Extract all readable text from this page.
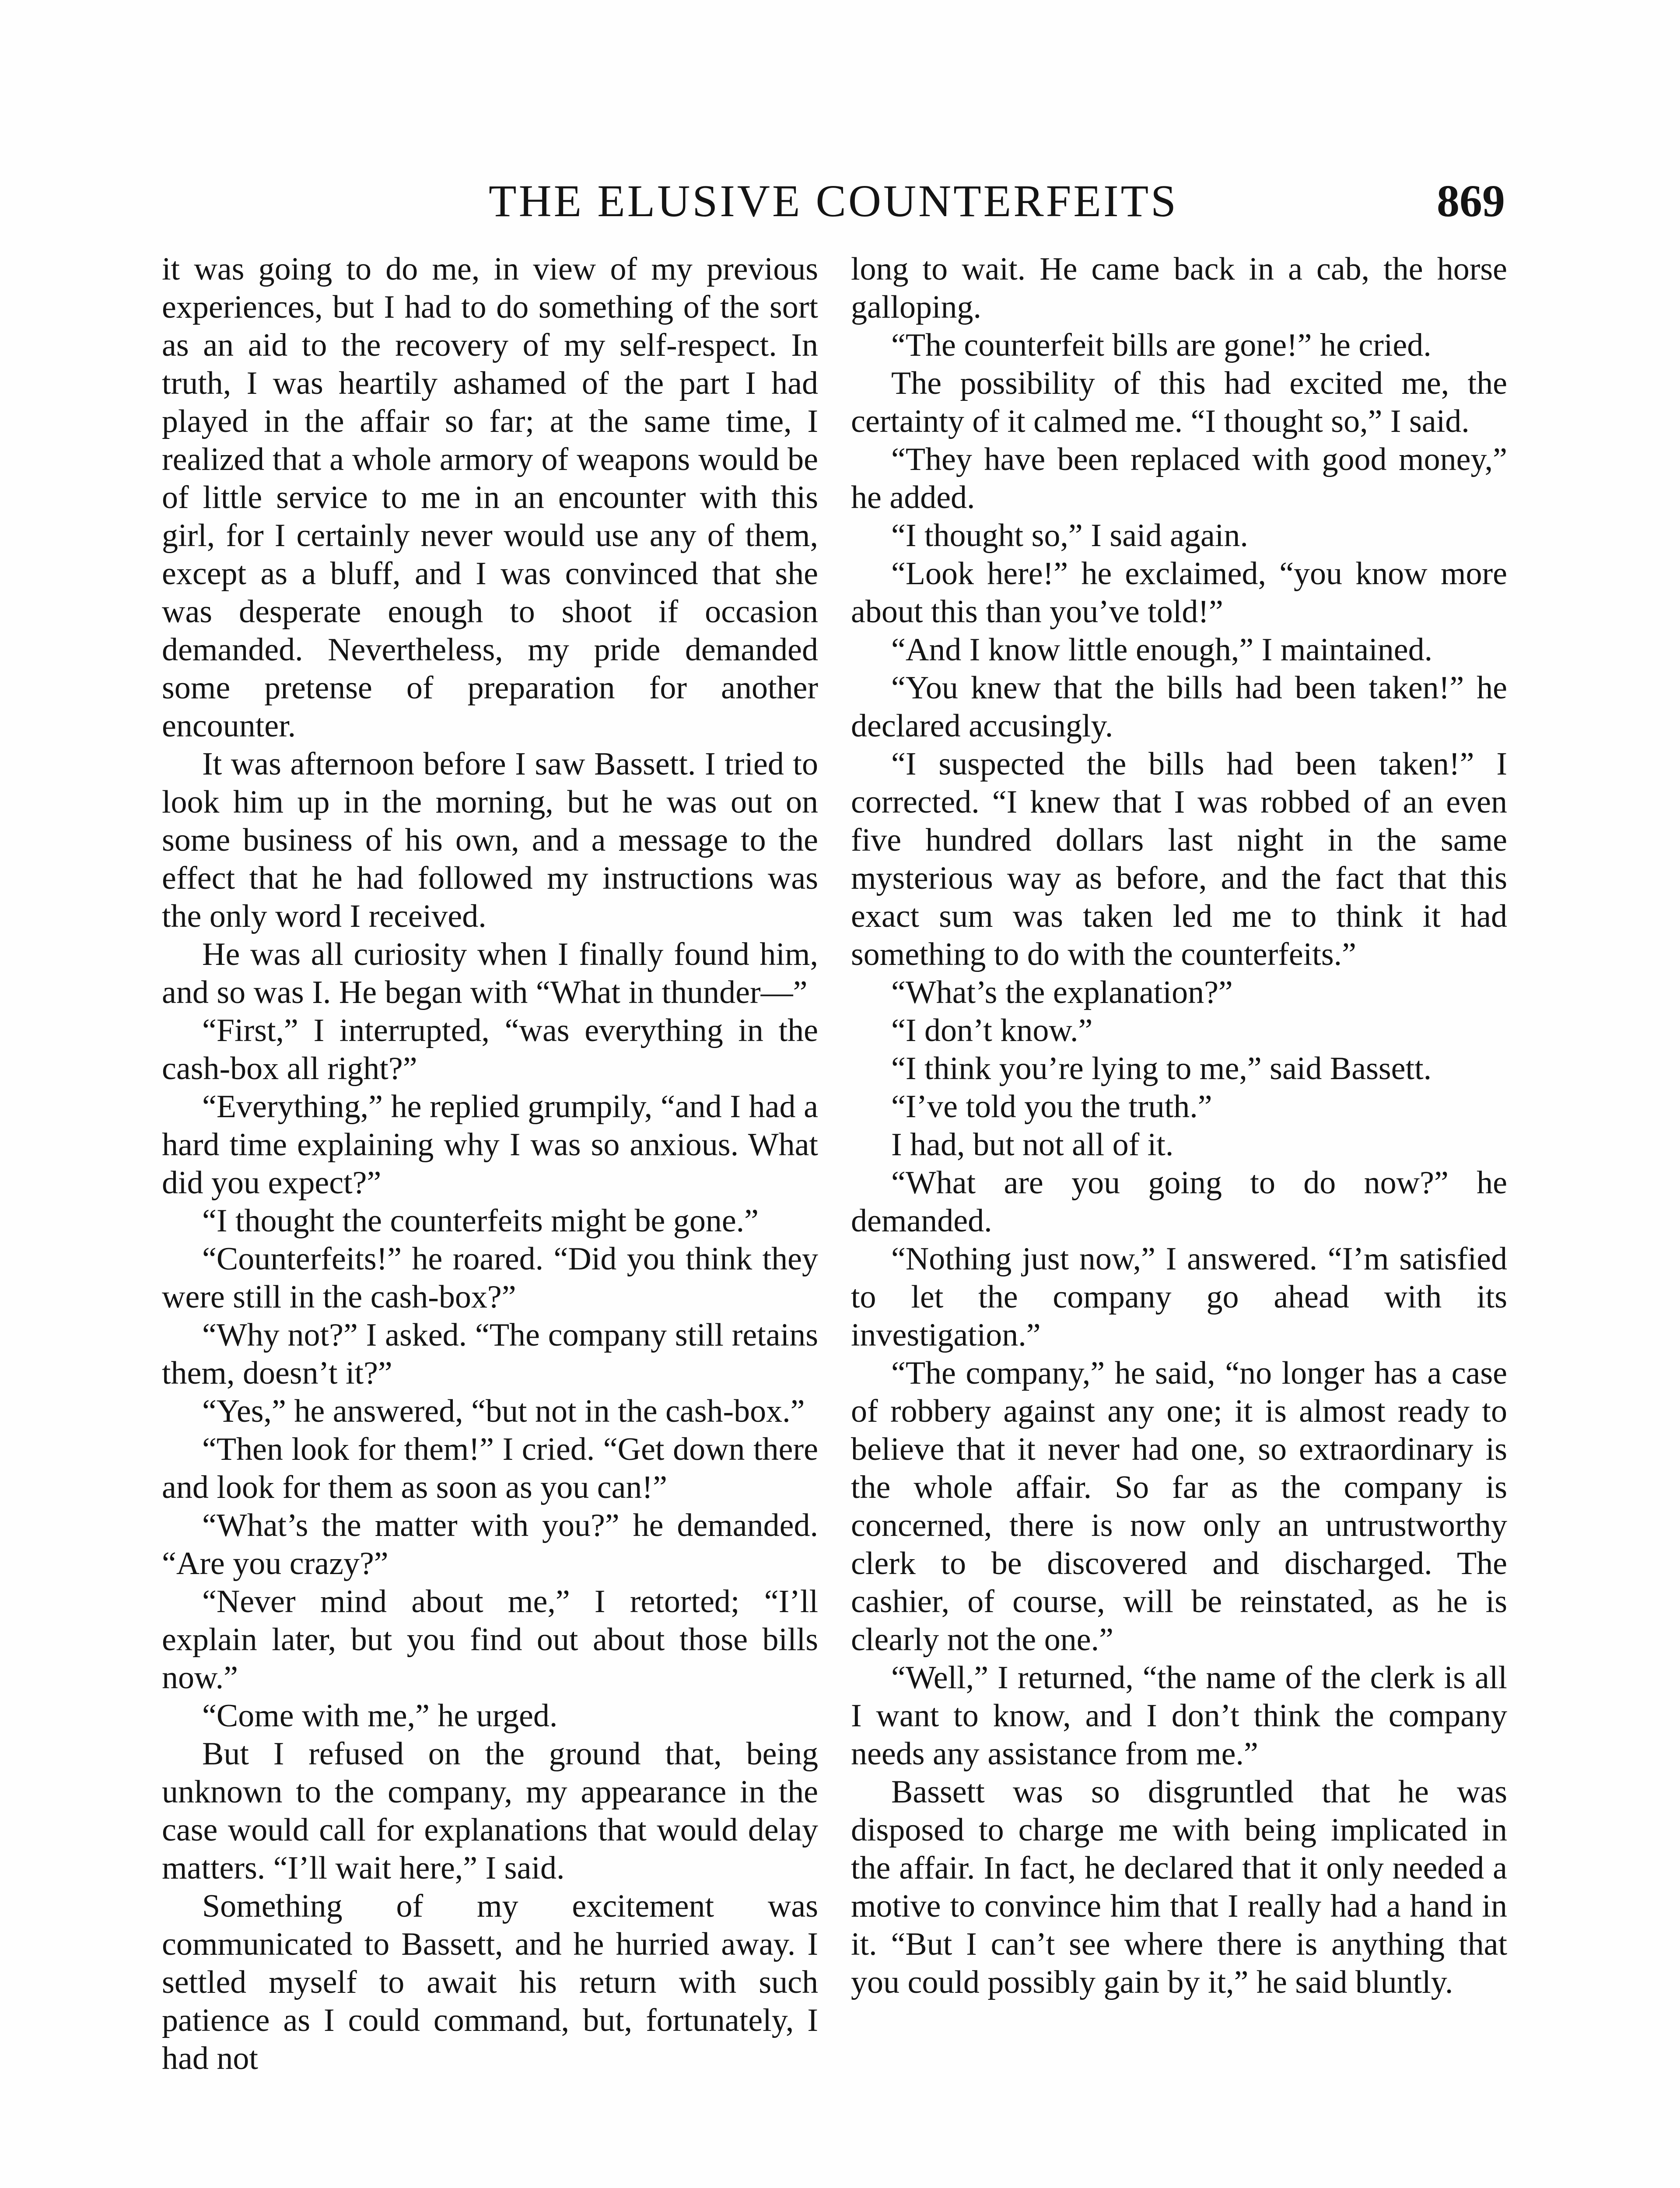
THE ELUSIVE COUNTERFEITS	869

it was going to do me, in view of my previous experiences, but I had to do something of the sort as an aid to the recovery of my self-respect. In truth, I was heartily ashamed of the part I had played in the affair so far; at the same time, I realized that a whole armory of weapons would be of little service to me in an encounter with this girl, for I certainly never would use any of them, except as a bluff, and I was convinced that she was desperate enough to shoot if occasion demanded. Nevertheless, my pride demanded some pretense of preparation for another encounter.

It was afternoon before I saw Bassett. I tried to look him up in the morning, but he was out on some business of his own, and a message to the effect that he had followed my instructions was the only word I received.

He was all curiosity when I finally found him, and so was I. He began with “What in thunder—”

“First,” I interrupted, “was everything in the cash-box all right?”

“Everything,” he replied grumpily, “and I had a hard time explaining why I was so anxious. What did you expect?”

“I thought the counterfeits might be gone.”

“Counterfeits!” he roared. “Did you think they were still in the cash-box?”

“Why not?” I asked. “The company still retains them, doesn’t it?”

“Yes,” he answered, “but not in the cash-box.”

“Then look for them!” I cried. “Get down there and look for them as soon as you can!”

“What’s the matter with you?” he demanded. “Are you crazy?”

“Never mind about me,” I retorted; “I’ll explain later, but you find out about those bills now.”

“Come with me,” he urged.

But I refused on the ground that, being unknown to the company, my appearance in the case would call for explanations that would delay matters. “I’ll wait here,” I said.

Something of my excitement was communicated to Bassett, and he hurried away. I settled myself to await his return with such patience as I could command, but, fortunately, I had not

long to wait. He came back in a cab, the horse galloping.

“The counterfeit bills are gone!” he cried.

The possibility of this had excited me, the certainty of it calmed me. “I thought so,” I said.

“They have been replaced with good money,” he added.

“I thought so,” I said again.

“Look here!” he exclaimed, “you know more about this than you’ve told!”

“And I know little enough,” I maintained.

“You knew that the bills had been taken!” he declared accusingly.

“I suspected the bills had been taken!” I corrected. “I knew that I was robbed of an even five hundred dollars last night in the same mysterious way as before, and the fact that this exact sum was taken led me to think it had something to do with the counterfeits.”

“What’s the explanation?”

“I don’t know.”

“I think you’re lying to me,” said Bassett.

“I’ve told you the truth.”

I had, but not all of it.

“What are you going to do now?” he demanded.

“Nothing just now,” I answered. “I’m satisfied to let the company go ahead with its investigation.”

“The company,” he said, “no longer has a case of robbery against any one; it is almost ready to believe that it never had one, so extraordinary is the whole affair. So far as the company is concerned, there is now only an untrustworthy clerk to be discovered and discharged. The cashier, of course, will be reinstated, as he is clearly not the one.”

“Well,” I returned, “the name of the clerk is all I want to know, and I don’t think the company needs any assistance from me.”

Bassett was so disgruntled that he was disposed to charge me with being implicated in the affair. In fact, he declared that it only needed a motive to convince him that I really had a hand in it. “But I can’t see where there is anything that you could possibly gain by it,” he said bluntly.
